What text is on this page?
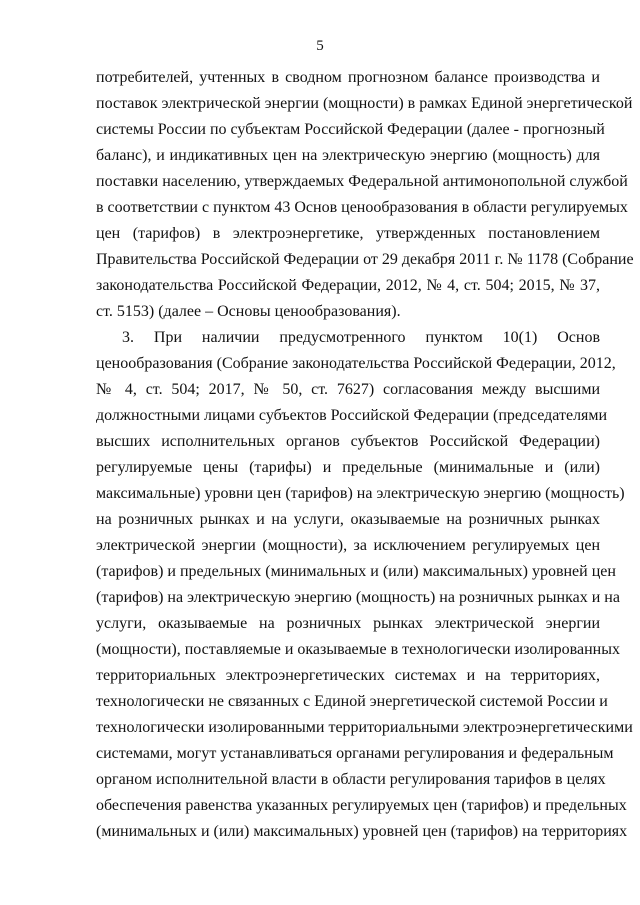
5
потребителей, учтенных в сводном прогнозном балансе производства и
поставок электрической энергии (мощности) в рамках Единой энергетической
системы России по субъектам Российской Федерации (далее - прогнозный
баланс), и индикативных цен на электрическую энергию (мощность) для
поставки населению, утверждаемых Федеральной антимонопольной службой
в соответствии с пунктом 43 Основ ценообразования в области регулируемых
цен (тарифов) в электроэнергетике, утвержденных постановлением
Правительства Российской Федерации от 29 декабря 2011 г. № 1178 (Собрание
законодательства Российской Федерации, 2012, № 4, ст. 504; 2015, № 37,
ст. 5153) (далее – Основы ценообразования).
3. При наличии предусмотренного пунктом 10(1) Основ
ценообразования (Собрание законодательства Российской Федерации, 2012,
№ 4, ст. 504; 2017, № 50, ст. 7627) согласования между высшими
должностными лицами субъектов Российской Федерации (председателями
высших исполнительных органов субъектов Российской Федерации)
регулируемые цены (тарифы) и предельные (минимальные и (или)
максимальные) уровни цен (тарифов) на электрическую энергию (мощность)
на розничных рынках и на услуги, оказываемые на розничных рынках
электрической энергии (мощности), за исключением регулируемых цен
(тарифов) и предельных (минимальных и (или) максимальных) уровней цен
(тарифов) на электрическую энергию (мощность) на розничных рынках и на
услуги, оказываемые на розничных рынках электрической энергии
(мощности), поставляемые и оказываемые в технологически изолированных
территориальных электроэнергетических системах и на территориях,
технологически не связанных с Единой энергетической системой России и
технологически изолированными территориальными электроэнергетическими
системами, могут устанавливаться органами регулирования и федеральным
органом исполнительной власти в области регулирования тарифов в целях
обеспечения равенства указанных регулируемых цен (тарифов) и предельных
(минимальных и (или) максимальных) уровней цен (тарифов) на территориях
